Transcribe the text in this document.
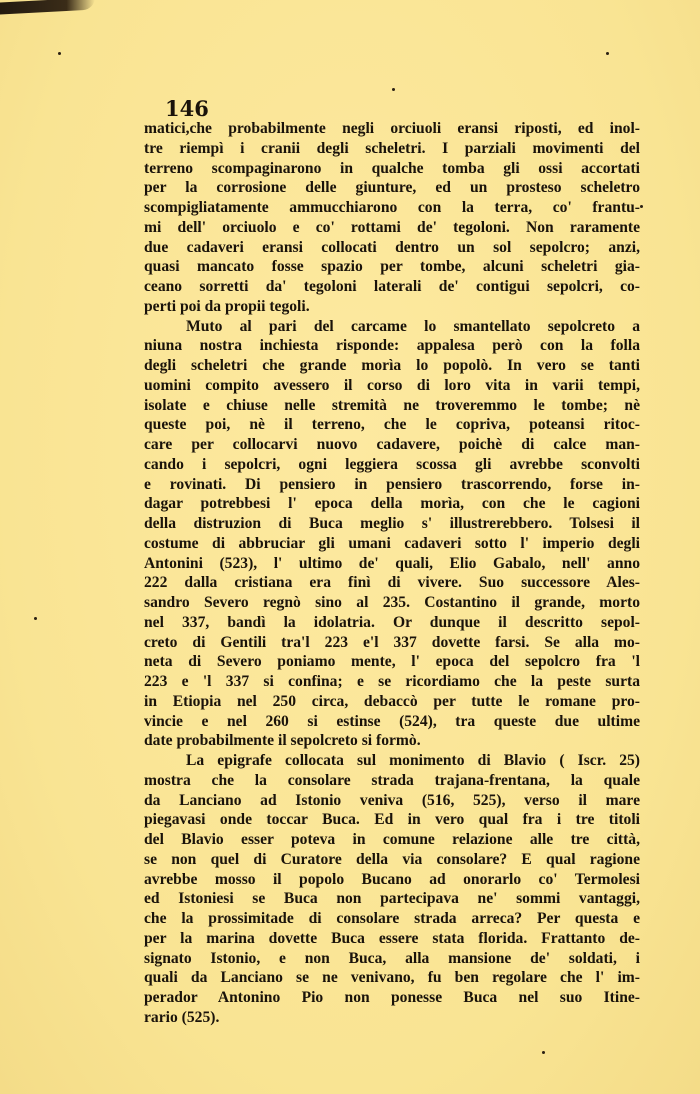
146
matici,che probabilmente negli orciuoli eransi riposti, ed inol-
tre riempì i cranii degli scheletri. I parziali movimenti del
terreno scompaginarono in qualche tomba gli ossi accortati
per la corrosione delle giunture, ed un prosteso scheletro
scompigliatamente ammucchiarono con la terra, co' frantu-
mi dell' orciuolo e co' rottami de' tegoloni. Non raramente
due cadaveri eransi collocati dentro un sol sepolcro; anzi,
quasi mancato fosse spazio per tombe, alcuni scheletri gia-
ceano sorretti da' tegoloni laterali de' contigui sepolcri, co-
perti poi da propii tegoli.
Muto al pari del carcame lo smantellato sepolcreto a
niuna nostra inchiesta risponde: appalesa però con la folla
degli scheletri che grande morìa lo popolò. In vero se tanti
uomini compito avessero il corso di loro vita in varii tempi,
isolate e chiuse nelle stremità ne troveremmo le tombe; nè
queste poi, nè il terreno, che le copriva, poteansi ritoc-
care per collocarvi nuovo cadavere, poichè di calce man-
cando i sepolcri, ogni leggiera scossa gli avrebbe sconvolti
e rovinati. Di pensiero in pensiero trascorrendo, forse in-
dagar potrebbesi l' epoca della morìa, con che le cagioni
della distruzion di Buca meglio s' illustrerebbero. Tolsesi il
costume di abbruciar gli umani cadaveri sotto l' imperio degli
Antonini (523), l' ultimo de' quali, Elio Gabalo, nell' anno
222 dalla cristiana era finì di vivere. Suo successore Ales-
sandro Severo regnò sino al 235. Costantino il grande, morto
nel 337, bandì la idolatria. Or dunque il descritto sepol-
creto di Gentili tra'l 223 e'l 337 dovette farsi. Se alla mo-
neta di Severo poniamo mente, l' epoca del sepolcro fra 'l
223 e 'l 337 si confina; e se ricordiamo che la peste surta
in Etiopia nel 250 circa, debaccò per tutte le romane pro-
vincie e nel 260 si estinse (524), tra queste due ultime
date probabilmente il sepolcreto si formò.
La epigrafe collocata sul monimento di Blavio ( Iscr. 25)
mostra che la consolare strada trajana-frentana, la quale
da Lanciano ad Istonio veniva (516, 525), verso il mare
piegavasi onde toccar Buca. Ed in vero qual fra i tre titoli
del Blavio esser poteva in comune relazione alle tre città,
se non quel di Curatore della via consolare? E qual ragione
avrebbe mosso il popolo Bucano ad onorarlo co' Termolesi
ed Istoniesi se Buca non partecipava ne' sommi vantaggi,
che la prossimitade di consolare strada arreca? Per questa e
per la marina dovette Buca essere stata florida. Frattanto de-
signato Istonio, e non Buca, alla mansione de' soldati, i
quali da Lanciano se ne venivano, fu ben regolare che l' im-
perador Antonino Pio non ponesse Buca nel suo Itine-
rario (525).
